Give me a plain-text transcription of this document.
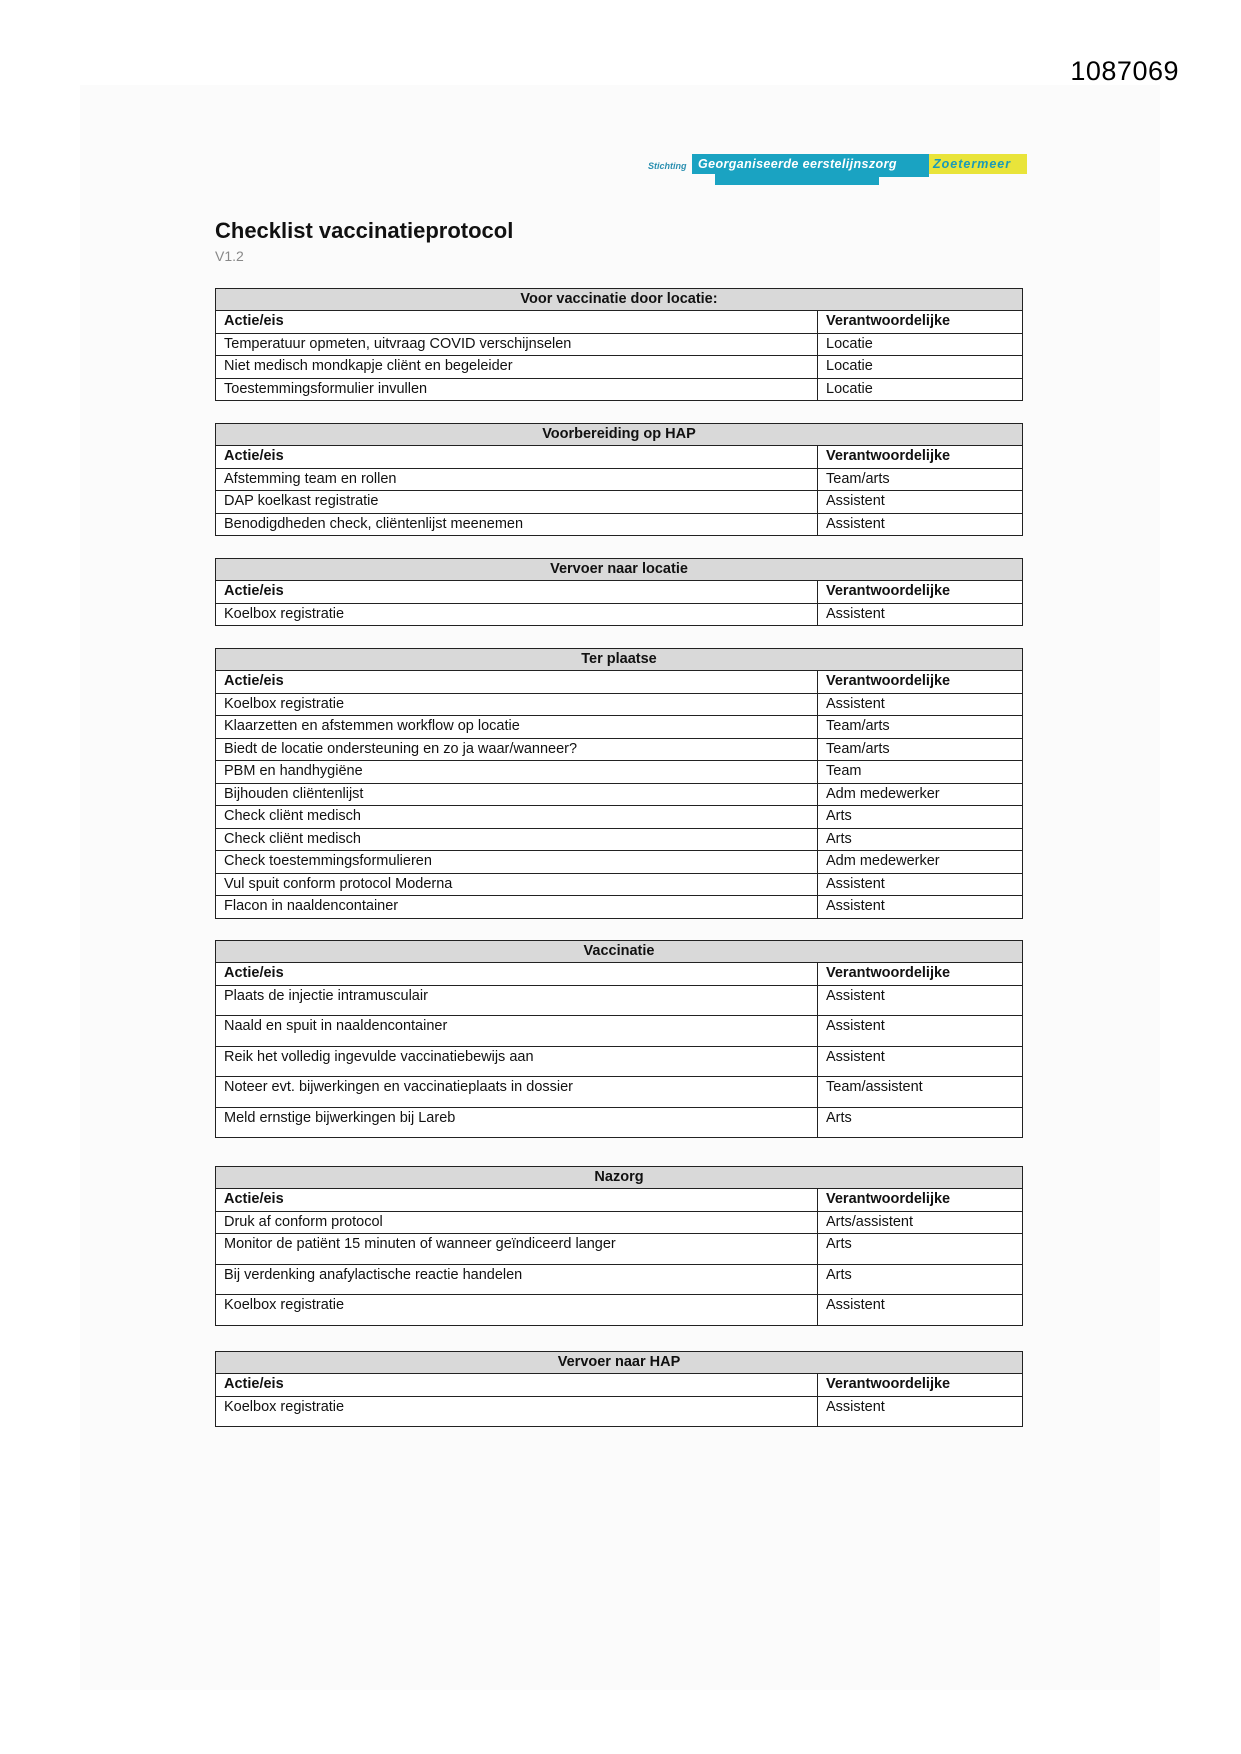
1087069
Stichting Georganiseerde eerstelijnszorg	Zoetermeer
Checklist vaccinatieprotocol
V1.2
Voor vaccinatie door locatie:	
Actie/eis	Verantwoordelijke
Temperatuur opmeten, uitvraag COVID verschijnselen	Locatie
Niet medisch mondkapje cliënt en begeleider	Locatie
Toestemmingsformulier invullen	Locatie
Voorbereiding op HAP	
Actie/eis	Verantwoordelijke
Afstemming team en rollen	Team/arts
DAP koelkast registratie	Assistent
Benodigdheden check, cliëntenlijst meenemen	Assistent
Vervoer naar locatie	
Actie/eis	Verantwoordelijke
Koelbox registratie	Assistent
Ter plaatse	
Actie/eis	Verantwoordelijke
Koelbox registratie	Assistent
Klaarzetten en afstemmen workflow op locatie	Team/arts
Biedt de locatie ondersteuning en zo ja waar/wanneer?	Team/arts
PBM en handhygiëne	Team
Bijhouden cliëntenlijst	Adm medewerker
Check cliënt medisch	Arts
Check cliënt medisch	Arts
Check toestemmingsformulieren	Adm medewerker
Vul spuit conform protocol Moderna	Assistent
Flacon in naaldencontainer	Assistent
Vaccinatie	
Actie/eis	Verantwoordelijke
Plaats de injectie intramusculair	Assistent
Naald en spuit in naaldencontainer	Assistent
Reik het volledig ingevulde vaccinatiebewijs aan	Assistent
Noteer evt. bijwerkingen en vaccinatieplaats in dossier	Team/assistent
Meld ernstige bijwerkingen bij Lareb	Arts
Nazorg	
Actie/eis	Verantwoordelijke
Druk af conform protocol	Arts/assistent
Monitor de patiënt 15 minuten of wanneer geïndiceerd langer	Arts
Bij verdenking anafylactische reactie handelen	Arts
Koelbox registratie	Assistent
Vervoer naar HAP	
Actie/eis	Verantwoordelijke
Koelbox registratie	Assistent
